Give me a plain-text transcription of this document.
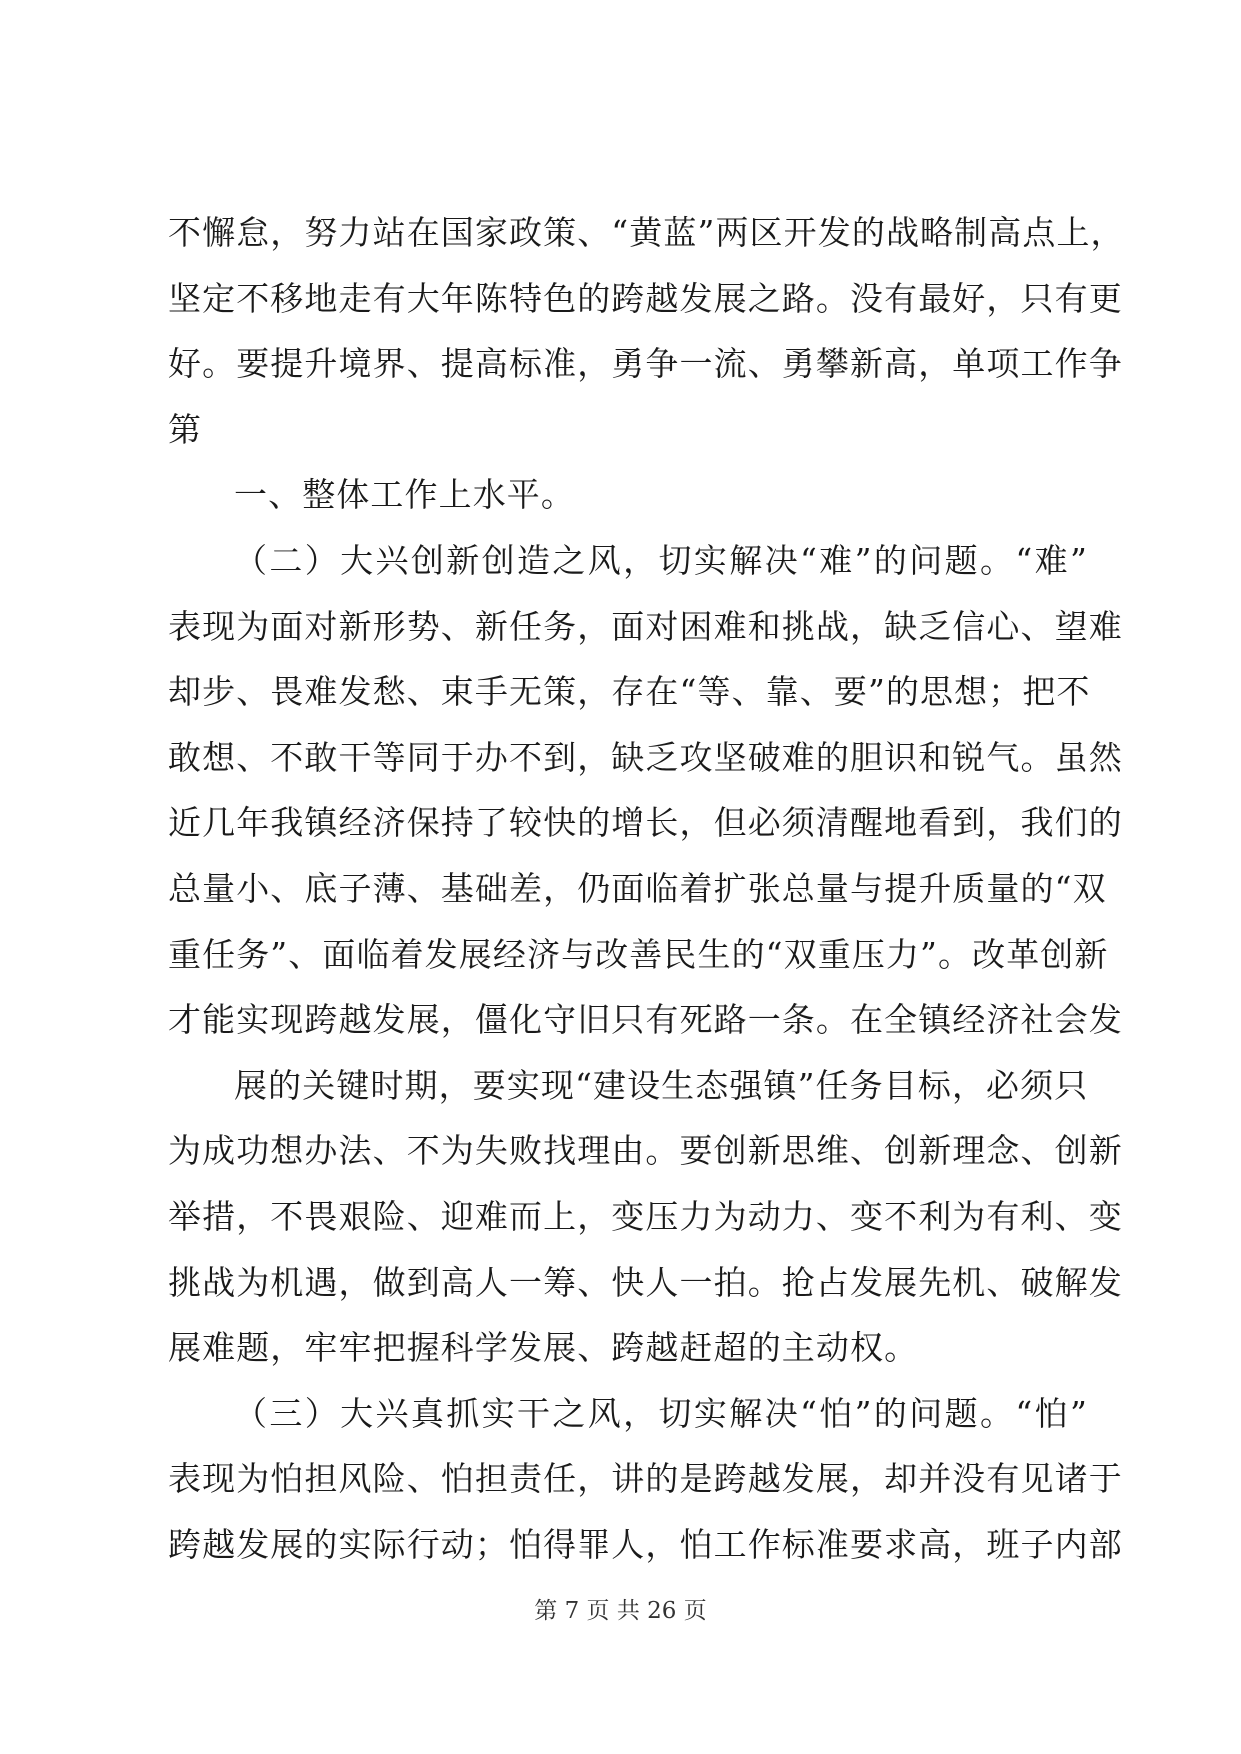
不懈怠，努力站在国家政策、“黄蓝”两区开发的战略制高点上，
坚定不移地走有大年陈特色的跨越发展之路。没有最好，只有更
好。要提升境界、提高标准，勇争一流、勇攀新高，单项工作争
第
一、整体工作上水平。
（二）大兴创新创造之风，切实解决“难”的问题。“难”
表现为面对新形势、新任务，面对困难和挑战，缺乏信心、望难
却步、畏难发愁、束手无策，存在“等、靠、要”的思想；把不
敢想、不敢干等同于办不到，缺乏攻坚破难的胆识和锐气。虽然
近几年我镇经济保持了较快的增长，但必须清醒地看到，我们的
总量小、底子薄、基础差，仍面临着扩张总量与提升质量的“双
重任务”、面临着发展经济与改善民生的“双重压力”。改革创新
才能实现跨越发展，僵化守旧只有死路一条。在全镇经济社会发
展的关键时期，要实现“建设生态强镇”任务目标，必须只
为成功想办法、不为失败找理由。要创新思维、创新理念、创新
举措，不畏艰险、迎难而上，变压力为动力、变不利为有利、变
挑战为机遇，做到高人一筹、快人一拍。抢占发展先机、破解发
展难题，牢牢把握科学发展、跨越赶超的主动权。
（三）大兴真抓实干之风，切实解决“怕”的问题。“怕”
表现为怕担风险、怕担责任，讲的是跨越发展，却并没有见诸于
跨越发展的实际行动；怕得罪人，怕工作标准要求高，班子内部
第 7 页 共 26 页
